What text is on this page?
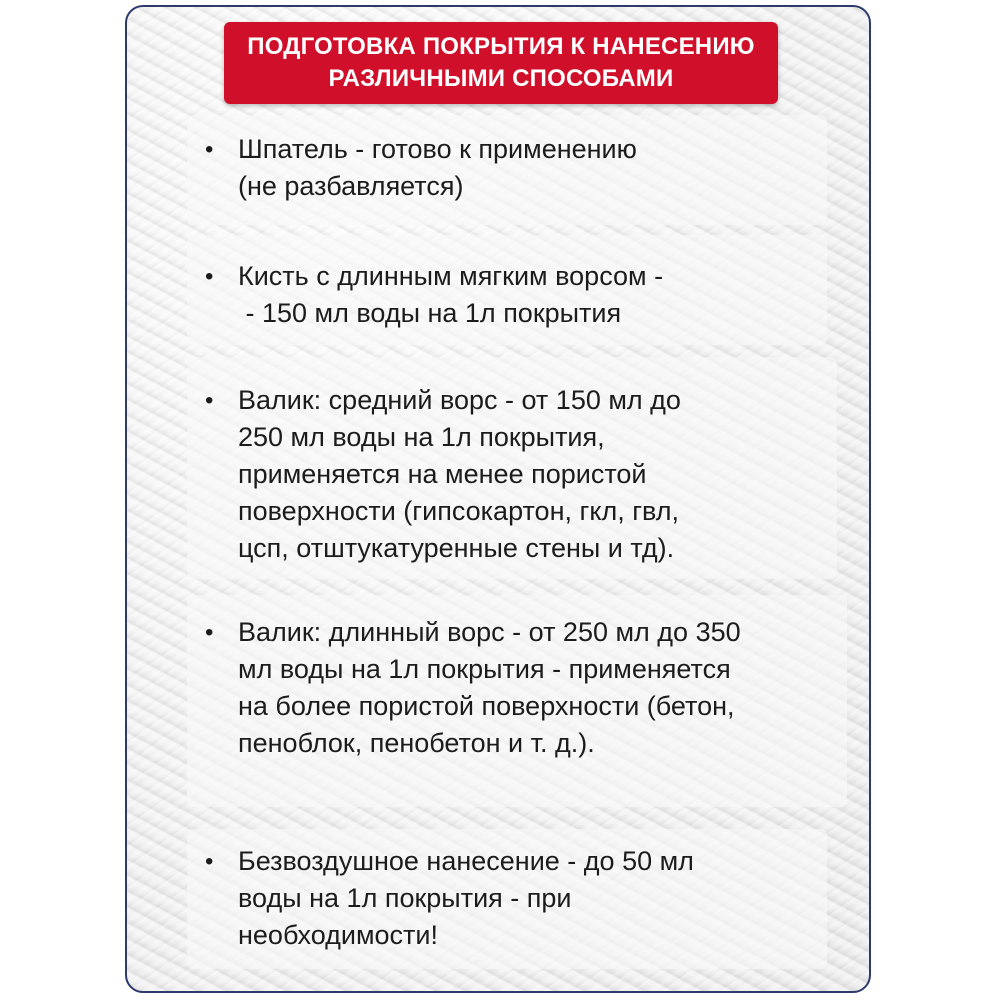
ПОДГОТОВКА ПОКРЫТИЯ К НАНЕСЕНИЮ
РАЗЛИЧНЫМИ СПОСОБАМИ
• Шпатель - готово к применению
(не разбавляется)
• Кисть с длинным мягким ворсом -
- 150 мл воды на 1л покрытия
• Валик: средний ворс - от 150 мл до
250 мл воды на 1л покрытия,
применяется на менее пористой
поверхности (гипсокартон, гкл, гвл,
цсп, отштукатуренные стены и тд).
• Валик: длинный ворс - от 250 мл до 350
мл воды на 1л покрытия - применяется
на более пористой поверхности (бетон,
пеноблок, пенобетон и т. д.).
• Безвоздушное нанесение - до 50 мл
воды на 1л покрытия - при
необходимости!
